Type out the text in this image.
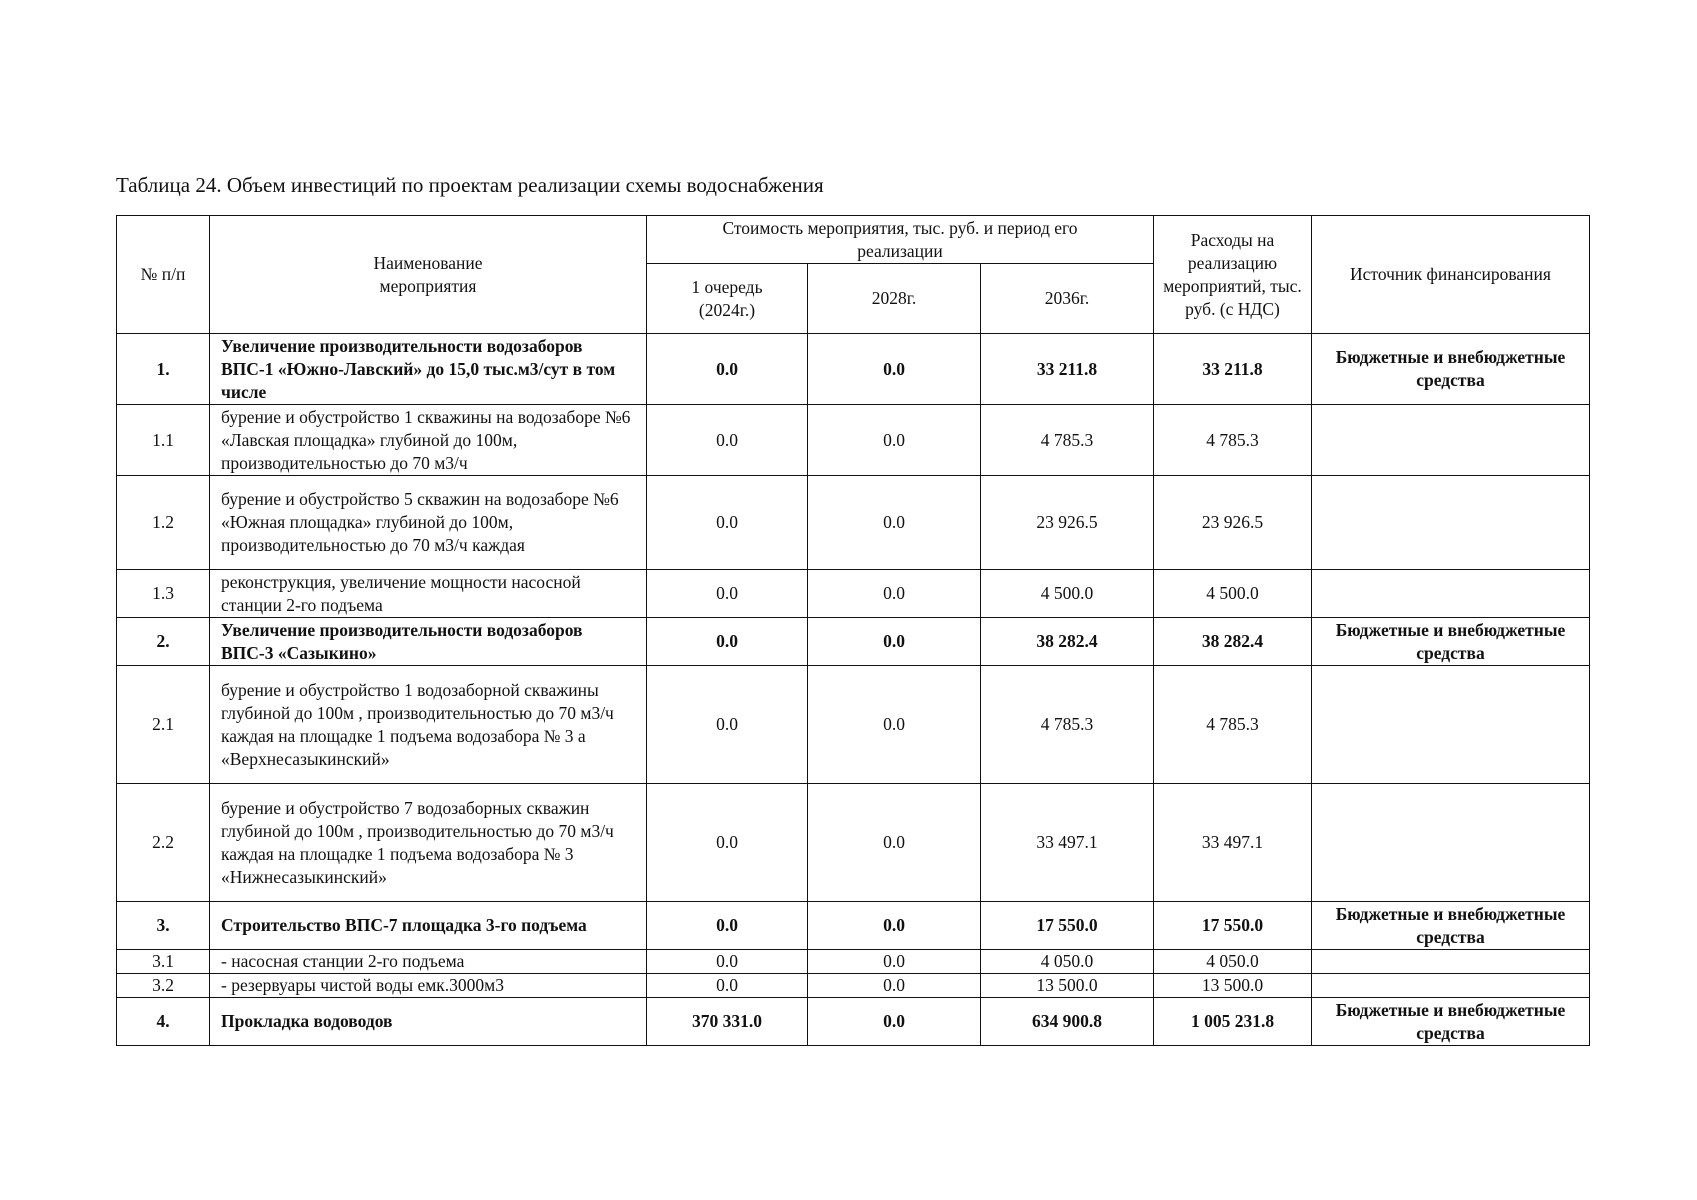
Таблица 24. Объем инвестиций по проектам реализации схемы водоснабжения
№ п/п	Наименование мероприятия	Стоимость мероприятия, тыс. руб. и период его реализации			Расходы на реализацию мероприятий, тыс. руб. (с НДС)	Источник финансирования
		1 очередь (2024г.)	2028г.	2036г.		
1.	Увеличение производительности водозаборов ВПС-1 «Южно-Лавский» до 15,0 тыс.м3/сут в том числе	0.0	0.0	33 211.8	33 211.8	Бюджетные и внебюджетные средства
1.1	бурение и обустройство 1 скважины на водозаборе №6 «Лавская площадка» глубиной до 100м, производительностью до 70 м3/ч	0.0	0.0	4 785.3	4 785.3	
1.2	бурение и обустройство 5 скважин на водозаборе №6 «Южная площадка» глубиной до 100м, производительностью до 70 м3/ч каждая	0.0	0.0	23 926.5	23 926.5	
1.3	реконструкция, увеличение мощности насосной станции 2-го подъема	0.0	0.0	4 500.0	4 500.0	
2.	Увеличение производительности водозаборов ВПС-3 «Сазыкино»	0.0	0.0	38 282.4	38 282.4	Бюджетные и внебюджетные средства
2.1	бурение и обустройство 1 водозаборной скважины глубиной до 100м , производительностью до 70 м3/ч каждая на площадке 1 подъема водозабора № 3 а «Верхнесазыкинский»	0.0	0.0	4 785.3	4 785.3	
2.2	бурение и обустройство 7 водозаборных скважин глубиной до 100м , производительностью до 70 м3/ч каждая на площадке 1 подъема водозабора № 3 «Нижнесазыкинский»	0.0	0.0	33 497.1	33 497.1	
3.	Строительство ВПС-7 площадка 3-го подъема	0.0	0.0	17 550.0	17 550.0	Бюджетные и внебюджетные средства
3.1	- насосная станции 2-го подъема	0.0	0.0	4 050.0	4 050.0	
3.2	- резервуары чистой воды емк.3000м3	0.0	0.0	13 500.0	13 500.0	
4.	Прокладка водоводов	370 331.0	0.0	634 900.8	1 005 231.8	Бюджетные и внебюджетные средства
